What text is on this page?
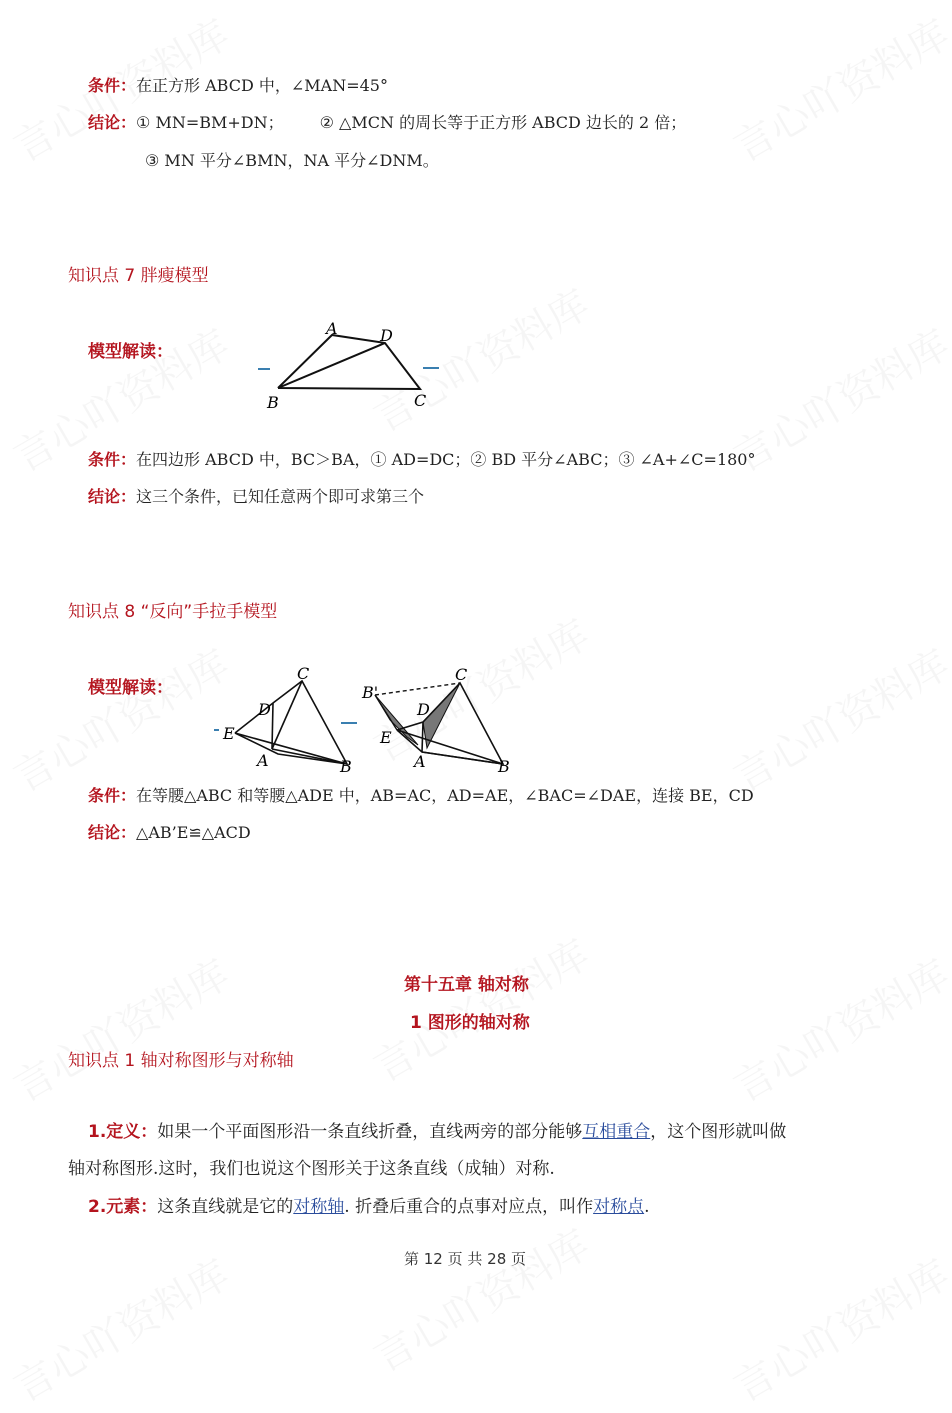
条件：在正方形 ABCD 中，∠MAN=45°
结论：① MN=BM+DN； ② △MCN 的周长等于正方形 ABCD 边长的 2 倍；
③ MN 平分∠BMN，NA 平分∠DNM。
知识点 7 胖瘦模型
模型解读：
A	D
B	C
条件：在四边形 ABCD 中，BC＞BA，① AD=DC；② BD 平分∠ABC；③ ∠A+∠C=180°
结论：这三个条件，已知任意两个即可求第三个
知识点 8 “反向”手拉手模型
模型解读：
C
D
E
A	B
C
B'
D
E
A	B
条件：在等腰△ABC 和等腰△ADE 中，AB=AC，AD=AE，∠BAC=∠DAE，连接 BE，CD
结论：△AB’E≌△ACD
第十五章 轴对称
1 图形的轴对称
知识点 1 轴对称图形与对称轴
1.定义：如果一个平面图形沿一条直线折叠，直线两旁的部分能够互相重合，这个图形就叫做
轴对称图形.这时，我们也说这个图形关于这条直线（成轴）对称.
2.元素：这条直线就是它的对称轴. 折叠后重合的点事对应点，叫作对称点.
第 12 页 共 28 页
